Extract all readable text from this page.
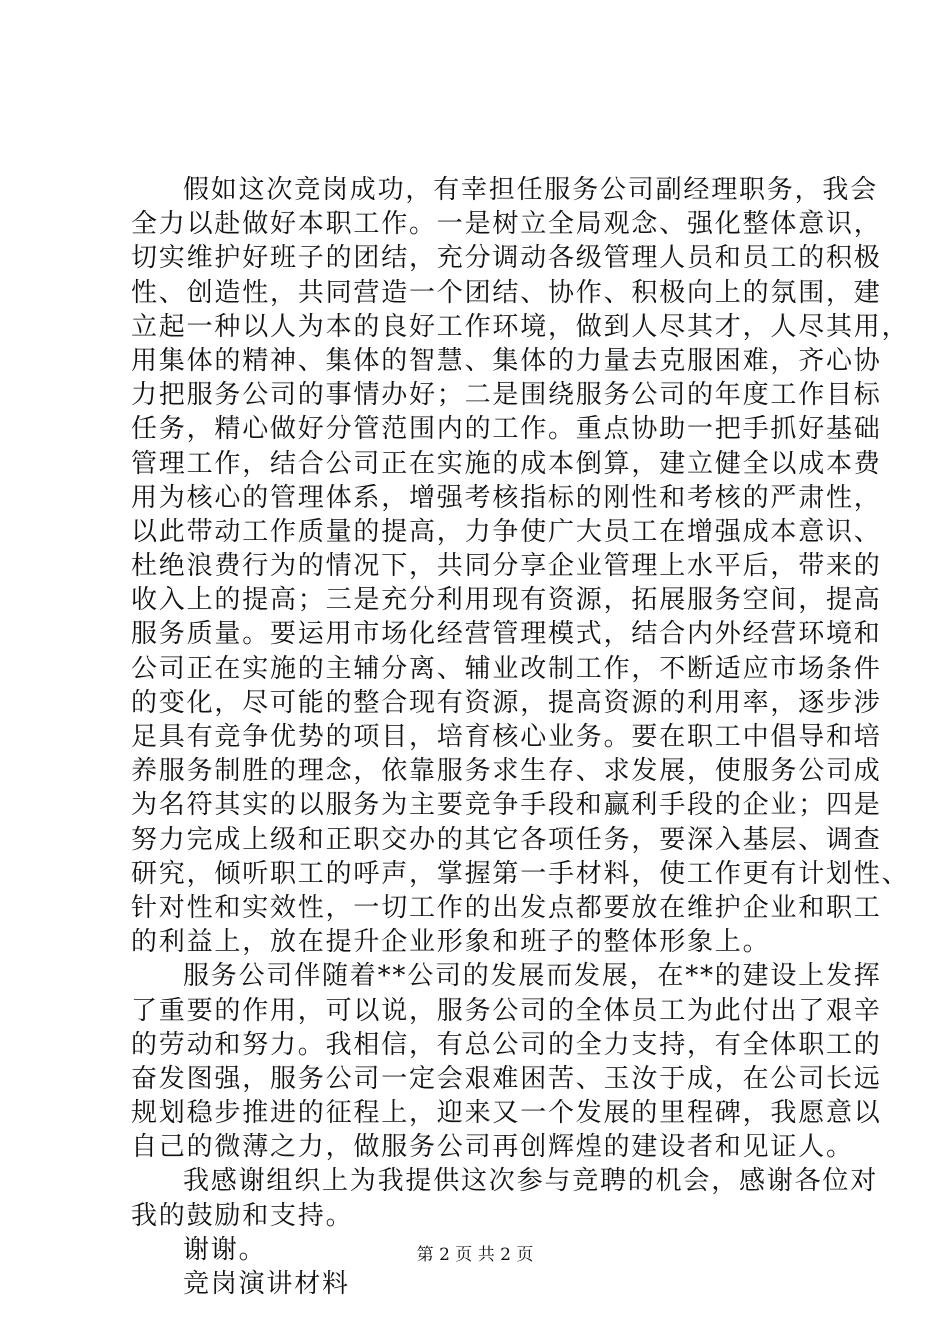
假如这次竞岗成功，有幸担任服务公司副经理职务，我会
全力以赴做好本职工作。一是树立全局观念、强化整体意识，
切实维护好班子的团结，充分调动各级管理人员和员工的积极
性、创造性，共同营造一个团结、协作、积极向上的氛围，建
立起一种以人为本的良好工作环境，做到人尽其才，人尽其用，
用集体的精神、集体的智慧、集体的力量去克服困难，齐心协
力把服务公司的事情办好；二是围绕服务公司的年度工作目标
任务，精心做好分管范围内的工作。重点协助一把手抓好基础
管理工作，结合公司正在实施的成本倒算，建立健全以成本费
用为核心的管理体系，增强考核指标的刚性和考核的严肃性，
以此带动工作质量的提高，力争使广大员工在增强成本意识、
杜绝浪费行为的情况下，共同分享企业管理上水平后，带来的
收入上的提高；三是充分利用现有资源，拓展服务空间，提高
服务质量。要运用市场化经营管理模式，结合内外经营环境和
公司正在实施的主辅分离、辅业改制工作，不断适应市场条件
的变化，尽可能的整合现有资源，提高资源的利用率，逐步涉
足具有竞争优势的项目，培育核心业务。要在职工中倡导和培
养服务制胜的理念，依靠服务求生存、求发展，使服务公司成
为名符其实的以服务为主要竞争手段和赢利手段的企业；四是
努力完成上级和正职交办的其它各项任务，要深入基层、调查
研究，倾听职工的呼声，掌握第一手材料，使工作更有计划性、
针对性和实效性，一切工作的出发点都要放在维护企业和职工
的利益上，放在提升企业形象和班子的整体形象上。
服务公司伴随着**公司的发展而发展，在**的建设上发挥
了重要的作用，可以说，服务公司的全体员工为此付出了艰辛
的劳动和努力。我相信，有总公司的全力支持，有全体职工的
奋发图强，服务公司一定会艰难困苦、玉汝于成，在公司长远
规划稳步推进的征程上，迎来又一个发展的里程碑，我愿意以
自己的微薄之力，做服务公司再创辉煌的建设者和见证人。
我感谢组织上为我提供这次参与竞聘的机会，感谢各位对
我的鼓励和支持。
谢谢。
竞岗演讲材料
第 2 页 共 2 页
